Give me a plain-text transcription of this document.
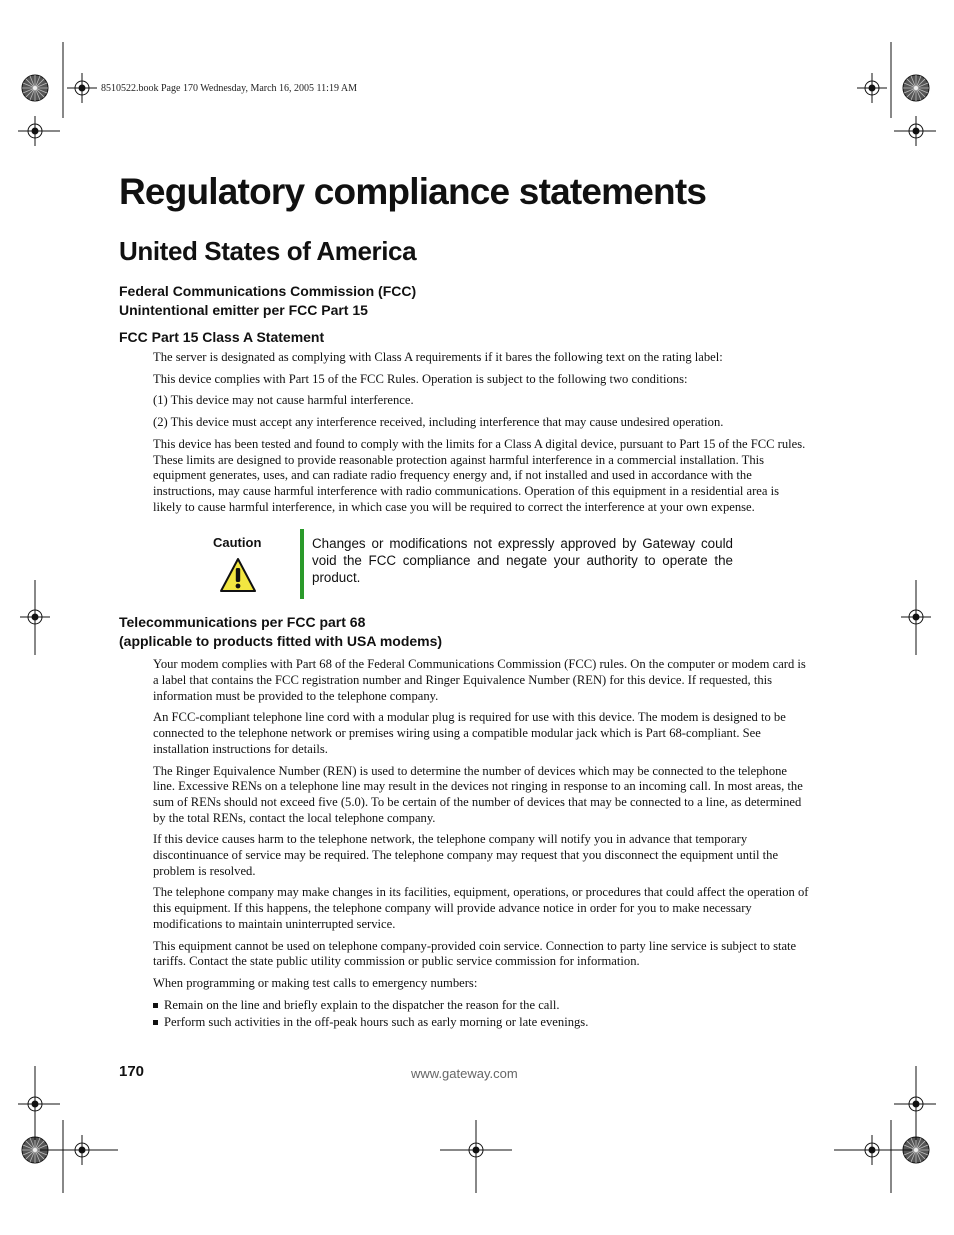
8510522.book Page 170 Wednesday, March 16, 2005 11:19 AM
Regulatory compliance statements
United States of America
Federal Communications Commission (FCC)
Unintentional emitter per FCC Part 15
FCC Part 15 Class A Statement

The server is designated as complying with Class A requirements if it bares the following text on the rating label:

This device complies with Part 15 of the FCC Rules. Operation is subject to the following two conditions:

(1) This device may not cause harmful interference.

(2) This device must accept any interference received, including interference that may cause undesired operation.

This device has been tested and found to comply with the limits for a Class A digital device, pursuant to Part 15 of the FCC rules. These limits are designed to provide reasonable protection against harmful interference in a commercial installation. This equipment generates, uses, and can radiate radio frequency energy and, if not installed and used in accordance with the instructions, may cause harmful interference with radio communications. Operation of this equipment in a residential area is likely to cause harmful interference, in which case you will be required to correct the interference at your own expense.

Caution	Changes or modifications not expressly approved by Gateway could void the FCC compliance and negate your authority to operate the product.
Telecommunications per FCC part 68
(applicable to products fitted with USA modems)

Your modem complies with Part 68 of the Federal Communications Commission (FCC) rules. On the computer or modem card is a label that contains the FCC registration number and Ringer Equivalence Number (REN) for this device. If requested, this information must be provided to the telephone company.

An FCC-compliant telephone line cord with a modular plug is required for use with this device. The modem is designed to be connected to the telephone network or premises wiring using a compatible modular jack which is Part 68-compliant. See installation instructions for details.

The Ringer Equivalence Number (REN) is used to determine the number of devices which may be connected to the telephone line. Excessive RENs on a telephone line may result in the devices not ringing in response to an incoming call. In most areas, the sum of RENs should not exceed five (5.0). To be certain of the number of devices that may be connected to a line, as determined by the total RENs, contact the local telephone company.

If this device causes harm to the telephone network, the telephone company will notify you in advance that temporary discontinuance of service may be required. The telephone company may request that you disconnect the equipment until the problem is resolved.

The telephone company may make changes in its facilities, equipment, operations, or procedures that could affect the operation of this equipment. If this happens, the telephone company will provide advance notice in order for you to make necessary modifications to maintain uninterrupted service.

This equipment cannot be used on telephone company-provided coin service. Connection to party line service is subject to state tariffs. Contact the state public utility commission or public service commission for information.

When programming or making test calls to emergency numbers:

Remain on the line and briefly explain to the dispatcher the reason for the call.
Perform such activities in the off-peak hours such as early morning or late evenings.
170	www.gateway.com
